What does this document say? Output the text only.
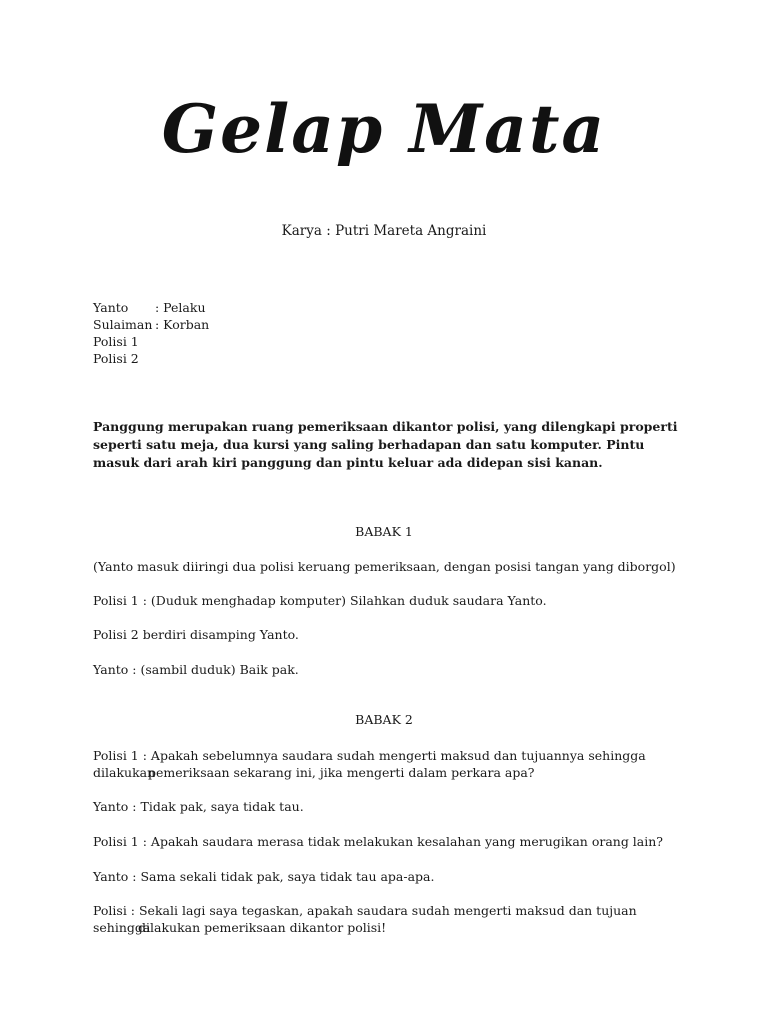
Gelap Mata
Karya : Putri Mareta Angraini
Yanto	: Pelaku
Sulaiman : Korban
Polisi 1
Polisi 2
Panggung merupakan ruang pemeriksaan dikantor polisi, yang dilengkapi properti seperti satu meja, dua kursi yang saling berhadapan dan satu komputer. Pintu masuk dari arah kiri panggung dan pintu keluar ada didepan sisi kanan.
BABAK 1
(Yanto masuk diiringi dua polisi keruang pemeriksaan, dengan posisi tangan yang diborgol)
Polisi 1 : (Duduk menghadap komputer) Silahkan duduk saudara Yanto.
Polisi 2 berdiri disamping Yanto.
Yanto : (sambil duduk) Baik pak.
BABAK 2
Polisi 1 : Apakah sebelumnya saudara sudah mengerti maksud dan tujuannya sehingga dilakukan
pemeriksaan sekarang ini, jika mengerti dalam perkara apa?
Yanto : Tidak pak, saya tidak tau.
Polisi 1 : Apakah saudara merasa tidak melakukan kesalahan yang merugikan orang lain?
Yanto : Sama sekali tidak pak, saya tidak tau apa-apa.
Polisi : Sekali lagi saya tegaskan, apakah saudara sudah mengerti maksud dan tujuan sehingga
dilakukan pemeriksaan dikantor polisi!
